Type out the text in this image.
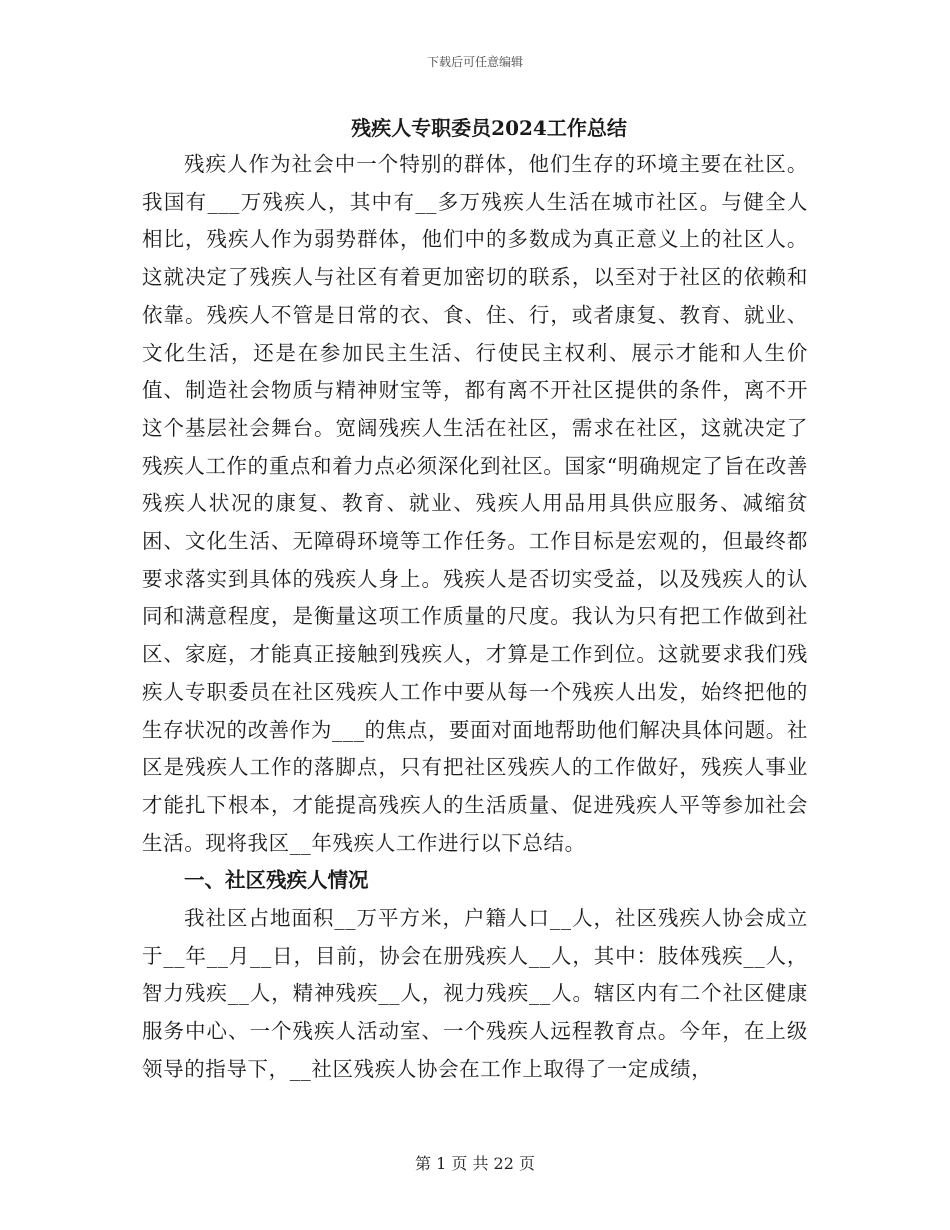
下载后可任意编辑
残疾人专职委员2024工作总结

残疾人作为社会中一个特别的群体，他们生存的环境主要在社区。我国有___万残疾人，其中有__多万残疾人生活在城市社区。与健全人相比，残疾人作为弱势群体，他们中的多数成为真正意义上的社区人。这就决定了残疾人与社区有着更加密切的联系，以至对于社区的依赖和依靠。残疾人不管是日常的衣、食、住、行，或者康复、教育、就业、文化生活，还是在参加民主生活、行使民主权利、展示才能和人生价值、制造社会物质与精神财宝等，都有离不开社区提供的条件，离不开这个基层社会舞台。宽阔残疾人生活在社区，需求在社区，这就决定了残疾人工作的重点和着力点必须深化到社区。国家“明确规定了旨在改善残疾人状况的康复、教育、就业、残疾人用品用具供应服务、减缩贫困、文化生活、无障碍环境等工作任务。工作目标是宏观的，但最终都要求落实到具体的残疾人身上。残疾人是否切实受益，以及残疾人的认同和满意程度，是衡量这项工作质量的尺度。我认为只有把工作做到社区、家庭，才能真正接触到残疾人，才算是工作到位。这就要求我们残疾人专职委员在社区残疾人工作中要从每一个残疾人出发，始终把他的生存状况的改善作为___的焦点，要面对面地帮助他们解决具体问题。社区是残疾人工作的落脚点，只有把社区残疾人的工作做好，残疾人事业才能扎下根本，才能提高残疾人的生活质量、促进残疾人平等参加社会生活。现将我区__年残疾人工作进行以下总结。

一、社区残疾人情况

我社区占地面积__万平方米，户籍人口__人，社区残疾人协会成立于__年__月__日，目前，协会在册残疾人__人，其中：肢体残疾__人，智力残疾__人，精神残疾__人，视力残疾__人。辖区内有二个社区健康服务中心、一个残疾人活动室、一个残疾人远程教育点。今年，在上级领导的指导下，__社区残疾人协会在工作上取得了一定成绩，

第 1 页 共 22 页
